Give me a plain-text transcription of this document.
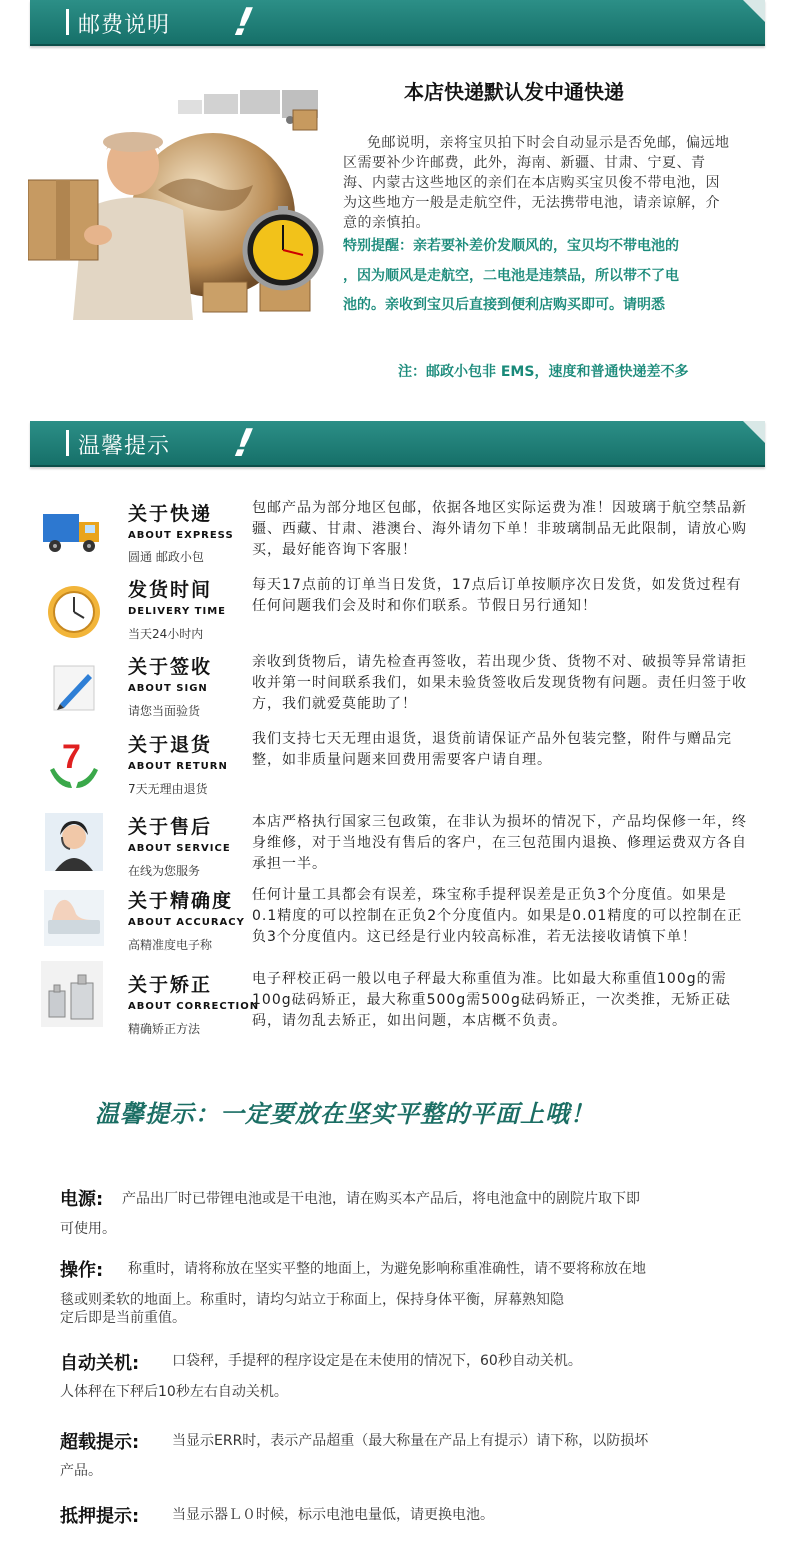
邮费说明 !
本店快递默认发中通快递
免邮说明，亲将宝贝拍下时会自动显示是否免邮，偏远地区需要补少许邮费，此外，海南、新疆、甘肃、宁夏、青海、内蒙古这些地区的亲们在本店购买宝贝俊不带电池，因为这些地方一般是走航空件，无法携带电池，请亲谅解，介意的亲慎拍。
特别提醒：亲若要补差价发顺风的，宝贝均不带电池的
，因为顺风是走航空，二电池是违禁品，所以带不了电
池的。亲收到宝贝后直接到便利店购买即可。请明悉
注：邮政小包非 EMS，速度和普通快递差不多
温馨提示 !
关于快递
ABOUT EXPRESS
圆通 邮政小包
包邮产品为部分地区包邮，依据各地区实际运费为准！因玻璃于航空禁品新疆、西藏、甘肃、港澳台、海外请勿下单！非玻璃制品无此限制，请放心购买，最好能咨询下客服！
发货时间
DELIVERY TIME
当天24小时内
每天17点前的订单当日发货，17点后订单按顺序次日发货，如发货过程有任何问题我们会及时和你们联系。节假日另行通知！
关于签收
ABOUT SIGN
请您当面验货
亲收到货物后，请先检查再签收，若出现少货、货物不对、破损等异常请拒收并第一时间联系我们，如果未验货签收后发现货物有问题。责任归签于收方，我们就爱莫能助了！
7 关于退货
ABOUT RETURN
7天无理由退货
我们支持七天无理由退货，退货前请保证产品外包装完整，附件与赠品完整，如非质量问题来回费用需要客户请自理。
关于售后
ABOUT SERVICE
在线为您服务
本店严格执行国家三包政策，在非认为损坏的情况下，产品均保修一年，终身维修，对于当地没有售后的客户，在三包范围内退换、修理运费双方各自承担一半。
关于精确度
ABOUT ACCURACY
高精准度电子称
任何计量工具都会有误差，珠宝称手提秤误差是正负3个分度值。如果是0.1精度的可以控制在正负2个分度值内。如果是0.01精度的可以控制在正负3个分度值内。这已经是行业内较高标准，若无法接收请慎下单！
关于矫正
ABOUT CORRECTION
精确矫正方法
电子秤校正码一般以电子秤最大称重值为准。比如最大称重值100g的需100g砝码矫正，最大称重500g需500g砝码矫正，一次类推，无矫正砝码，请勿乱去矫正，如出问题，本店概不负责。
温馨提示：一定要放在坚实平整的平面上哦！
电源: 产品出厂时已带锂电池或是干电池，请在购买本产品后，将电池盒中的剧院片取下即
可使用。
操作: 称重时，请将称放在坚实平整的地面上，为避免影响称重准确性，请不要将称放在地
毯或则柔软的地面上。称重时，请均匀站立于称面上，保持身体平衡，屏幕熟知隐
定后即是当前重值。
自动关机: 口袋秤，手提秤的程序设定是在未使用的情况下，60秒自动关机。
人体秤在下秤后10秒左右自动关机。
超载提示: 当显示ERR时，表示产品超重（最大称量在产品上有提示）请下称，以防损坏
产品。
抵押提示: 当显示器Ｌ０时候，标示电池电量低，请更换电池。
